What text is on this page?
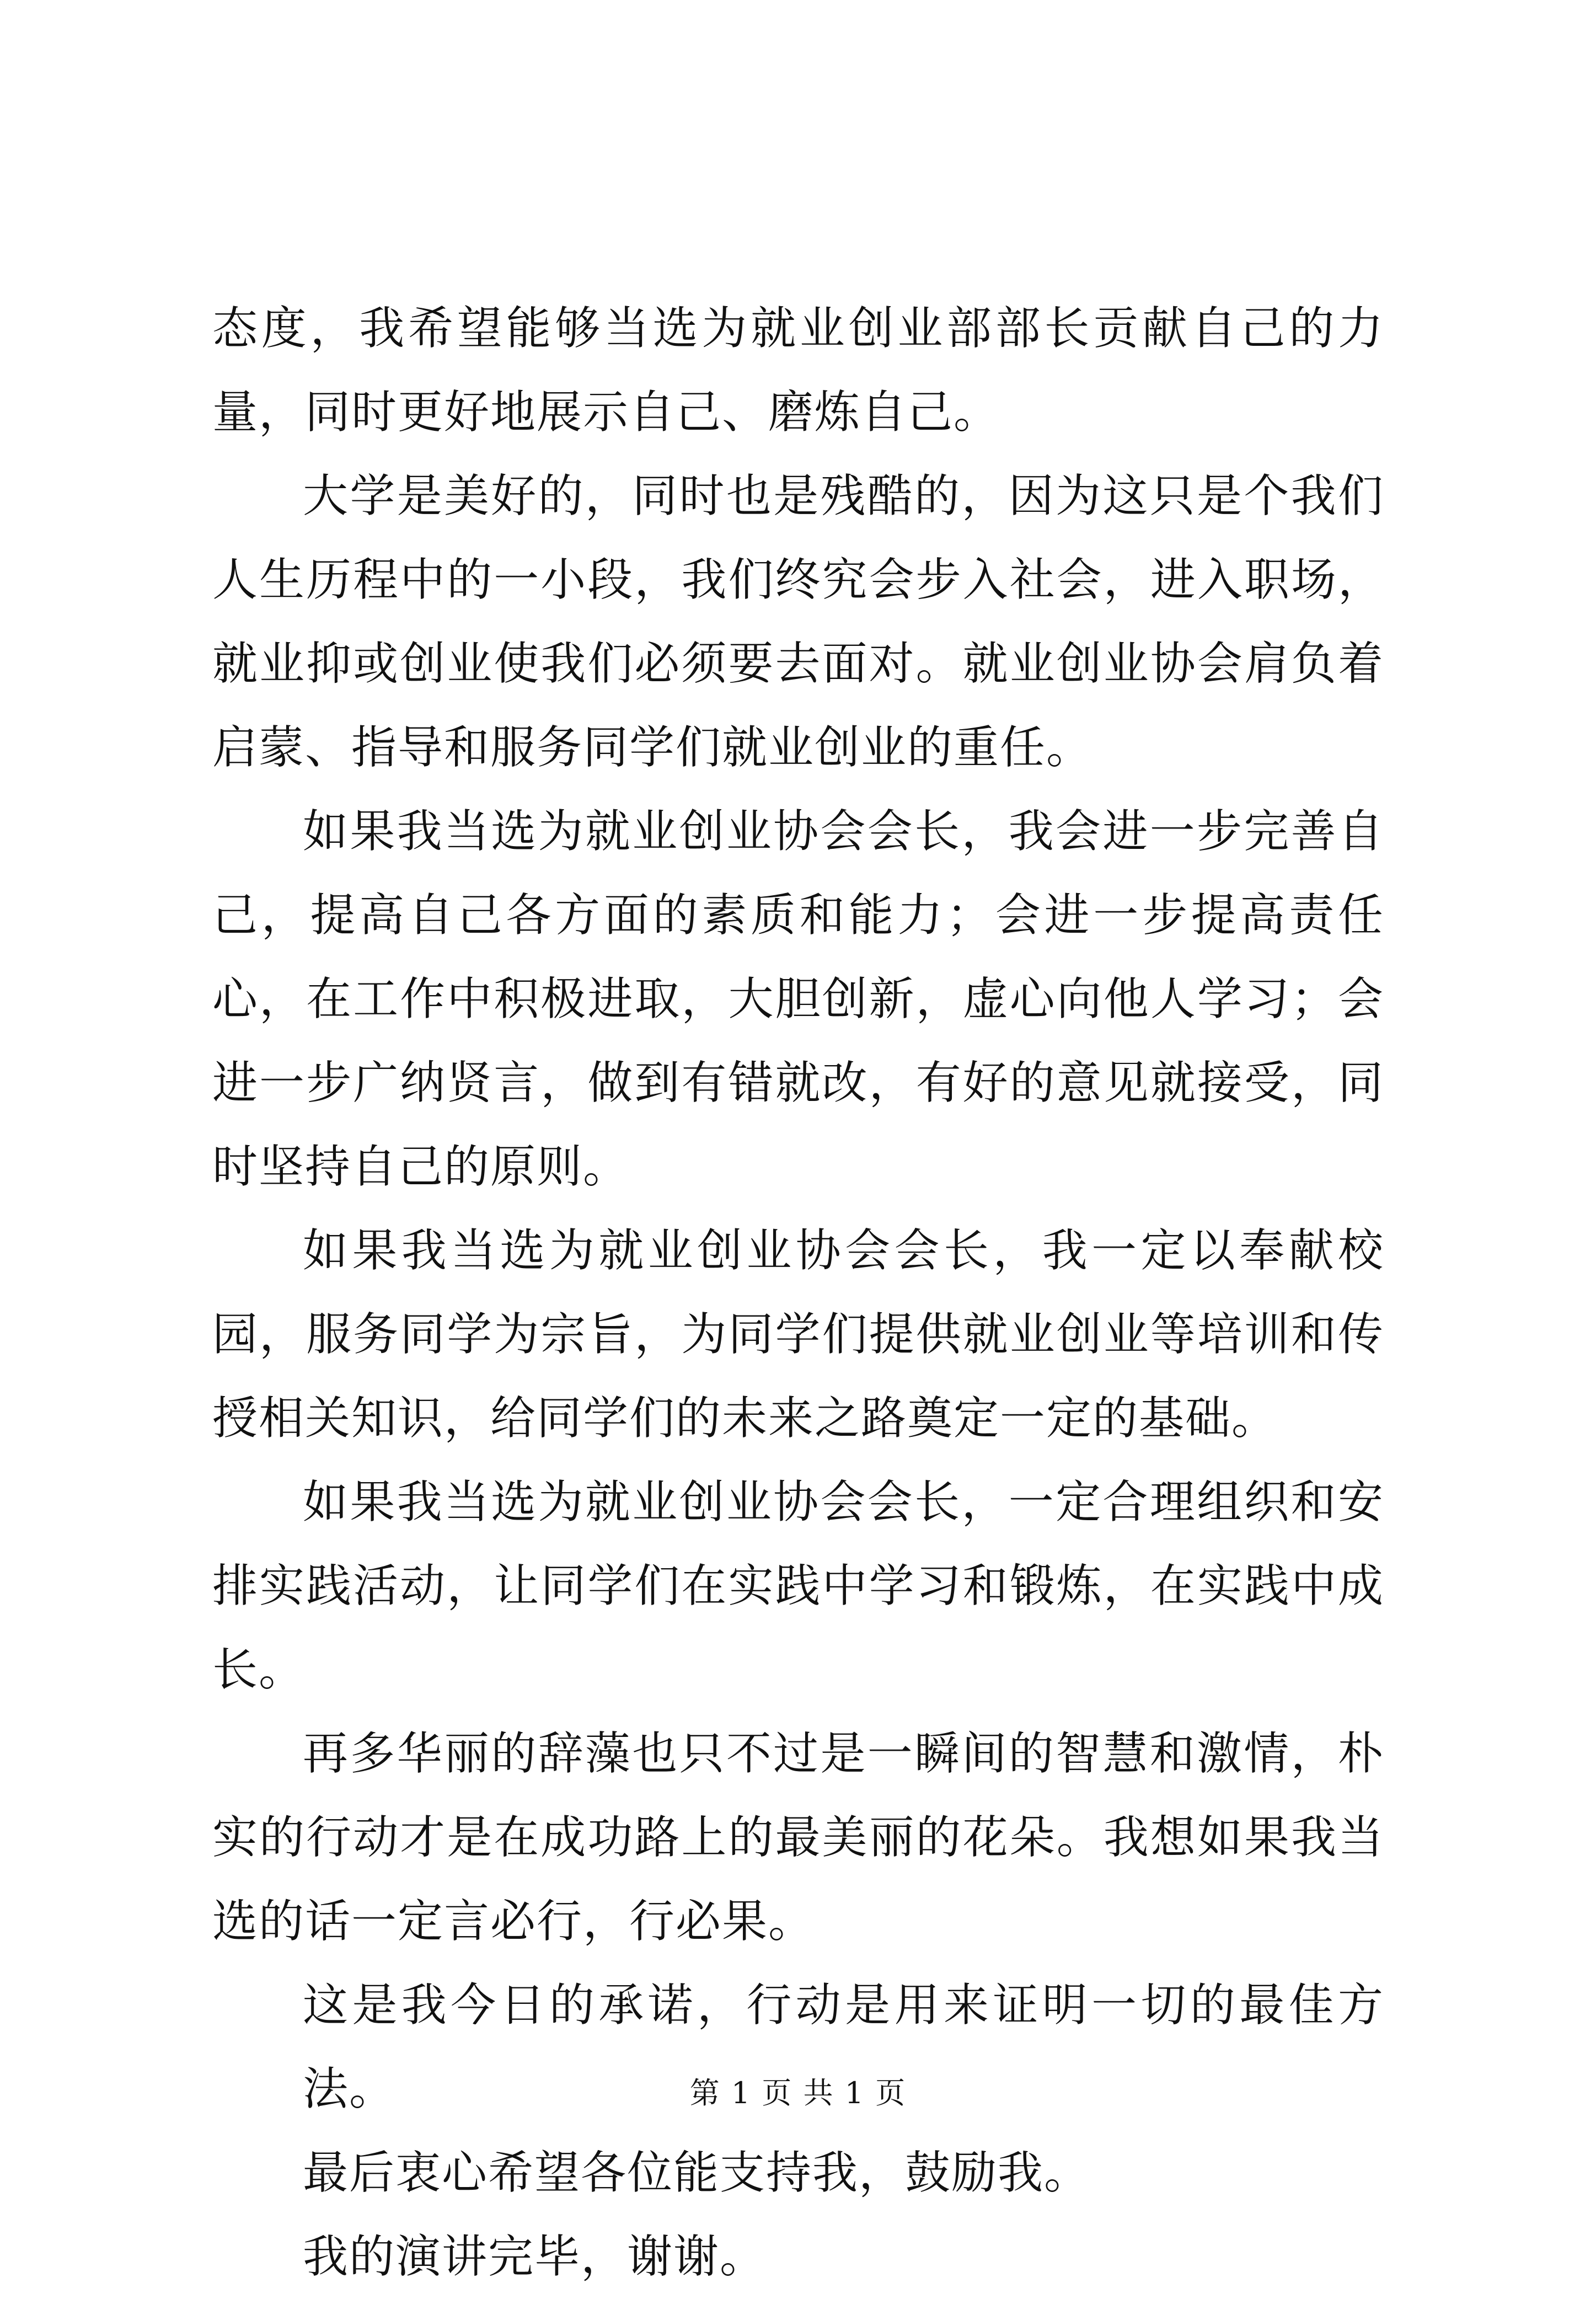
态度，我希望能够当选为就业创业部部长贡献自己的力量，同时更好地展示自己、磨炼自己。

大学是美好的，同时也是残酷的，因为这只是个我们人生历程中的一小段，我们终究会步入社会，进入职场，就业抑或创业使我们必须要去面对。就业创业协会肩负着启蒙、指导和服务同学们就业创业的重任。

如果我当选为就业创业协会会长，我会进一步完善自己，提高自己各方面的素质和能力；会进一步提高责任心，在工作中积极进取，大胆创新，虚心向他人学习；会进一步广纳贤言，做到有错就改，有好的意见就接受，同时坚持自己的原则。

如果我当选为就业创业协会会长，我一定以奉献校园，服务同学为宗旨，为同学们提供就业创业等培训和传授相关知识，给同学们的未来之路奠定一定的基础。

如果我当选为就业创业协会会长，一定合理组织和安排实践活动，让同学们在实践中学习和锻炼，在实践中成长。

再多华丽的辞藻也只不过是一瞬间的智慧和激情，朴实的行动才是在成功路上的最美丽的花朵。我想如果我当选的话一定言必行，行必果。

这是我今日的承诺，行动是用来证明一切的最佳方法。

最后衷心希望各位能支持我，鼓励我。

我的演讲完毕，谢谢。

第 1 页 共 1 页
